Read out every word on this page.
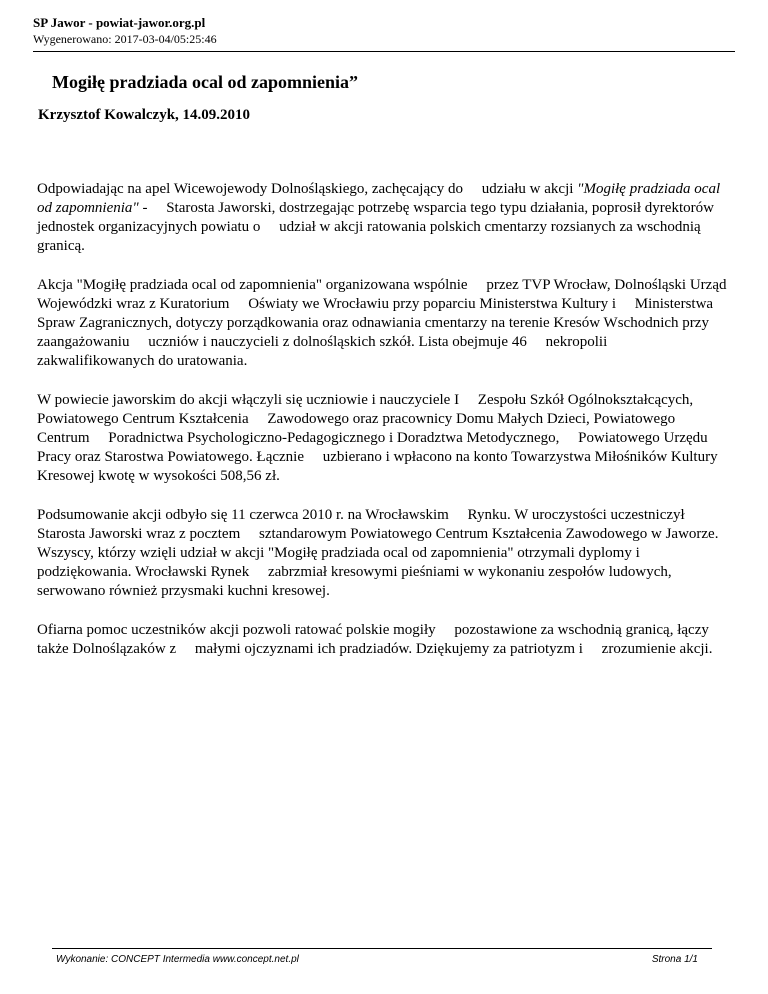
SP Jawor - powiat-jawor.org.pl
Wygenerowano: 2017-03-04/05:25:46
Mogiłę pradziada ocal od zapomnienia”
Krzysztof Kowalczyk, 14.09.2010

Odpowiadając na apel Wicewojewody Dolnośląskiego, zachęcający do     udziału w akcji "Mogiłę pradziada ocal od zapomnienia" -     Starosta Jaworski, dostrzegając potrzebę wsparcia tego typu działania, poprosił dyrektorów jednostek organizacyjnych powiatu o     udział w akcji ratowania polskich cmentarzy rozsianych za wschodnią     granicą.

Akcja "Mogiłę pradziada ocal od zapomnienia" organizowana wspólnie     przez TVP Wrocław, Dolnośląski Urząd Wojewódzki wraz z Kuratorium     Oświaty we Wrocławiu przy poparciu Ministerstwa Kultury i     Ministerstwa Spraw Zagranicznych, dotyczy porządkowania oraz odnawiania cmentarzy na terenie Kresów Wschodnich przy zaangażowaniu     uczniów i nauczycieli z dolnośląskich szkół. Lista obejmuje 46     nekropolii zakwalifikowanych do uratowania.

W powiecie jaworskim do akcji włączyli się uczniowie i nauczyciele I     Zespołu Szkół Ogólnokształcących, Powiatowego Centrum Kształcenia     Zawodowego oraz pracownicy Domu Małych Dzieci, Powiatowego Centrum     Poradnictwa Psychologiczno-Pedagogicznego i Doradztwa Metodycznego,     Powiatowego Urzędu Pracy oraz Starostwa Powiatowego. Łącznie     uzbierano i wpłacono na konto Towarzystwa Miłośników Kultury     Kresowej kwotę w wysokości 508,56 zł.

Podsumowanie akcji odbyło się 11 czerwca 2010 r. na Wrocławskim     Rynku. W uroczystości uczestniczył Starosta Jaworski wraz z pocztem     sztandarowym Powiatowego Centrum Kształcenia Zawodowego w Jaworze.     Wszyscy, którzy wzięli udział w akcji "Mogiłę pradziada ocal od zapomnienia" otrzymali dyplomy i podziękowania. Wrocławski Rynek     zabrzmiał kresowymi pieśniami w wykonaniu zespołów ludowych,     serwowano również przysmaki kuchni kresowej.

Ofiarna pomoc uczestników akcji pozwoli ratować polskie mogiły     pozostawione za wschodnią granicą, łączy także Dolnoślązaków z     małymi ojczyznami ich pradziadów. Dziękujemy za patriotyzm i     zrozumienie akcji.

Wykonanie: CONCEPT Intermedia www.concept.net.pl	Strona 1/1
